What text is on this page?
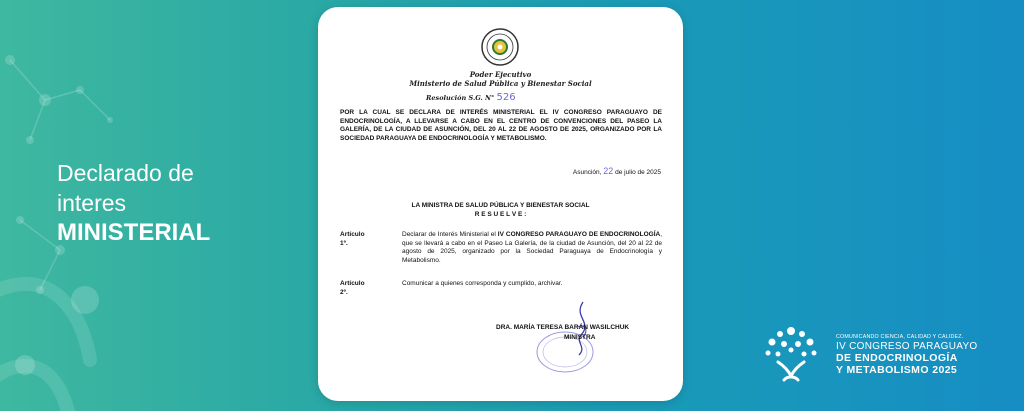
Declarado de
interes
MINISTERIAL
Poder Ejecutivo
Ministerio de Salud Pública y Bienestar Social
Resolución S.G. N° 526
POR LA CUAL SE DECLARA DE INTERÉS MINISTERIAL EL IV CONGRESO PARAGUAYO DE ENDOCRINOLOGÍA, A LLEVARSE A CABO EN EL CENTRO DE CONVENCIONES DEL PASEO LA GALERÍA, DE LA CIUDAD DE ASUNCIÓN, DEL 20 AL 22 DE AGOSTO DE 2025, ORGANIZADO POR LA SOCIEDAD PARAGUAYA DE ENDOCRINOLOGÍA Y METABOLISMO.
Asunción, 22 de julio de 2025
LA MINISTRA DE SALUD PÚBLICA Y BIENESTAR SOCIAL
R E S U E L V E :
Artículo 1º.
Declarar de Interés Ministerial el IV CONGRESO PARAGUAYO DE ENDOCRINOLOGÍA, que se llevará a cabo en el Paseo La Galería, de la ciudad de Asunción, del 20 al 22 de agosto de 2025, organizado por la Sociedad Paraguaya de Endocrinología y Metabolismo.
Artículo 2º.
Comunicar a quienes corresponda y cumplido, archivar.
DRA. MARÍA TERESA BARÁN WASILCHUK
MINISTRA	COMUNICANDO CIENCIA, CALIDAD Y CALIDEZ.
IV CONGRESO PARAGUAYO
DE ENDOCRINOLOGÍA
Y METABOLISMO 2025
